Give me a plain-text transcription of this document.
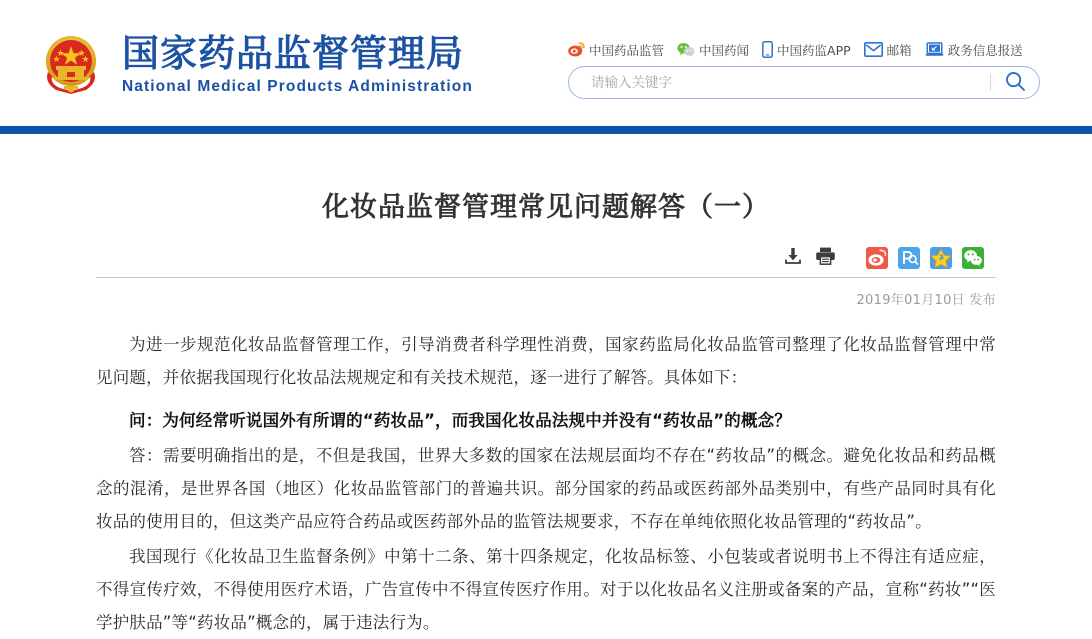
国家药品监督管理局
National Medical Products Administration
中国药品监管	中国药闻 中国药监APP	邮箱	政务信息报送
请输入关键字
化妆品监督管理常见问题解答（一）
2019年01月10日 发布

为进一步规范化妆品监督管理工作，引导消费者科学理性消费，国家药监局化妆品监管司整理了化妆品监督管理中常见问题，并依据我国现行化妆品法规规定和有关技术规范，逐一进行了解答。具体如下：

问：为何经常听说国外有所谓的“药妆品”，而我国化妆品法规中并没有“药妆品”的概念？

答：需要明确指出的是，不但是我国，世界大多数的国家在法规层面均不存在“药妆品”的概念。避免化妆品和药品概念的混淆，是世界各国（地区）化妆品监管部门的普遍共识。部分国家的药品或医药部外品类别中，有些产品同时具有化妆品的使用目的，但这类产品应符合药品或医药部外品的监管法规要求，不存在单纯依照化妆品管理的“药妆品”。

我国现行《化妆品卫生监督条例》中第十二条、第十四条规定，化妆品标签、小包装或者说明书上不得注有适应症，不得宣传疗效，不得使用医疗术语，广告宣传中不得宣传医疗作用。对于以化妆品名义注册或备案的产品，宣称“药妆”“医学护肤品”等“药妆品”概念的，属于违法行为。
